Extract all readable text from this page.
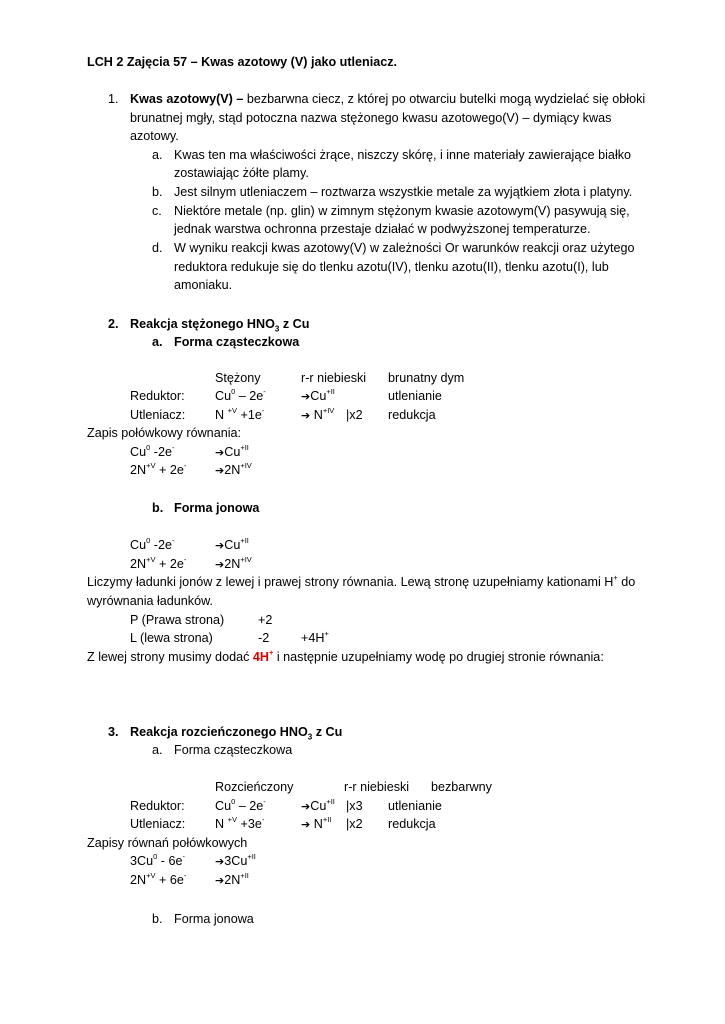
LCH 2 Zajęcia 57 – Kwas azotowy (V) jako utleniacz.
1. Kwas azotowy(V) – bezbarwna ciecz, z której po otwarciu butelki mogą wydzielać się obłoki
brunatnej mgły, stąd potoczna nazwa stężonego kwasu azotowego(V) – dymiący kwas
azotowy.
a. Kwas ten ma właściwości żrące, niszczy skórę, i inne materiały zawierające białko
zostawiając żółte plamy.
b. Jest silnym utleniaczem – roztwarza wszystkie metale za wyjątkiem złota i platyny.
c. Niektóre metale (np. glin) w zimnym stężonym kwasie azotowym(V) pasywują się,
jednak warstwa ochronna przestaje działać w podwyższonej temperaturze.
d. W wyniku reakcji kwas azotowy(V) w zależności Or warunków reakcji oraz użytego
reduktora redukuje się do tlenku azotu(IV), tlenku azotu(II), tlenku azotu(I), lub
amoniaku.
2. Reakcja stężonego $HNO_3$ z Cu
a. Forma cząsteczkowa
Stężony	r-r niebieski brunatny dym
Reduktor: Cu$^0$ – 2e-	$➔Cu^{+II}$	utlenianie
Utleniacz: N $^{+V}$ +1e-	➔ $N^{+IV}$ |x2 redukcja
Zapis połówkowy równania:
Cu$^0$ -2e-	$➔Cu^{+II}$
$2N^{+V} + 2e^-$	$➔2N^{+IV}$
b. Forma jonowa
Cu$^0$ -2e-	$➔Cu^{+II}$
$2N^{+V} + 2e^-$	$➔2N^{+IV}$
Liczymy ładunki jonów z lewej i prawej strony równania. Lewą stronę uzupełniamy kationami H+ do
wyrównania ładunków.
P (Prawa strona)	+2
L (lewa strona)	-2	+4H+
Z lewej strony musimy dodać 4H+ i następnie uzupełniamy wodę po drugiej stronie równania:
3. Reakcja rozcieńczonego $HNO_3$ z Cu
a. Forma cząsteczkowa
Rozcieńczony	r-r niebieski bezbarwny
Reduktor: Cu$^0$ – 2e-	$➔Cu^{+II}$ |x3 utlenianie
Utleniacz: N $^{+V}$ +3e-	➔ $N^{+II}$ |x2 redukcja
Zapisy równań połówkowych
3Cu$^0$ - 6e-	$➔3Cu^{+II}$
$2N^{+V} + 6e^-$	$➔2N^{+II}$
b. Forma jonowa
